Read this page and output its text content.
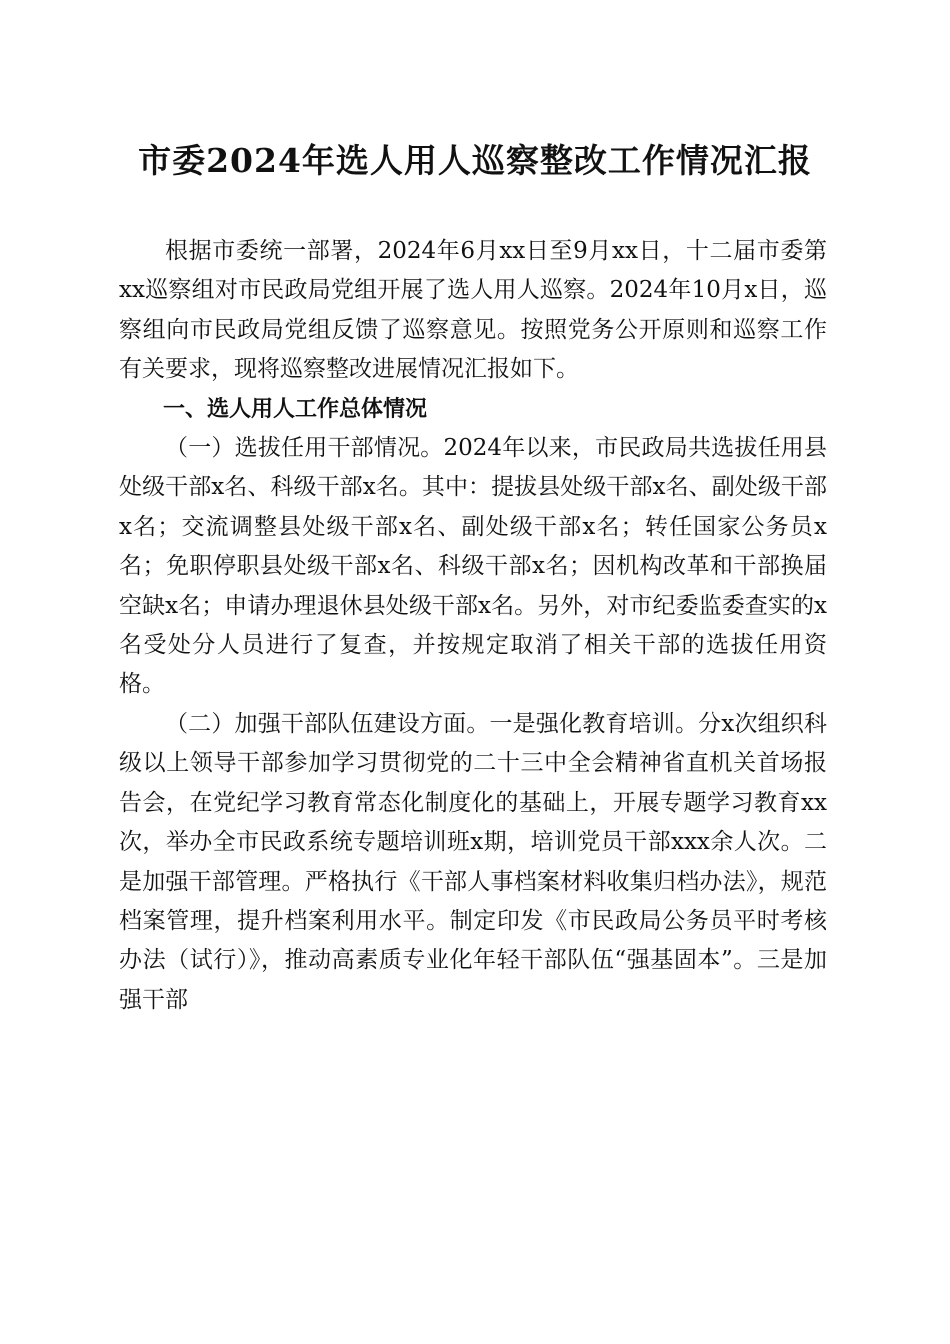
市委2024年选人用人巡察整改工作情况汇报

根据市委统一部署，2024年6月xx日至9月xx日，十二届市委第xx巡察组对市民政局党组开展了选人用人巡察。2024年10月x日，巡察组向市民政局党组反馈了巡察意见。按照党务公开原则和巡察工作有关要求，现将巡察整改进展情况汇报如下。

一、选人用人工作总体情况

（一）选拔任用干部情况。2024年以来，市民政局共选拔任用县处级干部x名、科级干部x名。其中：提拔县处级干部x名、副处级干部x名；交流调整县处级干部x名、副处级干部x名；转任国家公务员x名；免职停职县处级干部x名、科级干部x名；因机构改革和干部换届空缺x名；申请办理退休县处级干部x名。另外，对市纪委监委查实的x名受处分人员进行了复查，并按规定取消了相关干部的选拔任用资格。

（二）加强干部队伍建设方面。一是强化教育培训。分x次组织科级以上领导干部参加学习贯彻党的二十三中全会精神省直机关首场报告会，在党纪学习教育常态化制度化的基础上，开展专题学习教育xx次，举办全市民政系统专题培训班x期，培训党员干部xxx余人次。二是加强干部管理。严格执行《干部人事档案材料收集归档办法》，规范档案管理，提升档案利用水平。制定印发《市民政局公务员平时考核办法（试行）》，推动高素质专业化年轻干部队伍“强基固本”。三是加强干部
